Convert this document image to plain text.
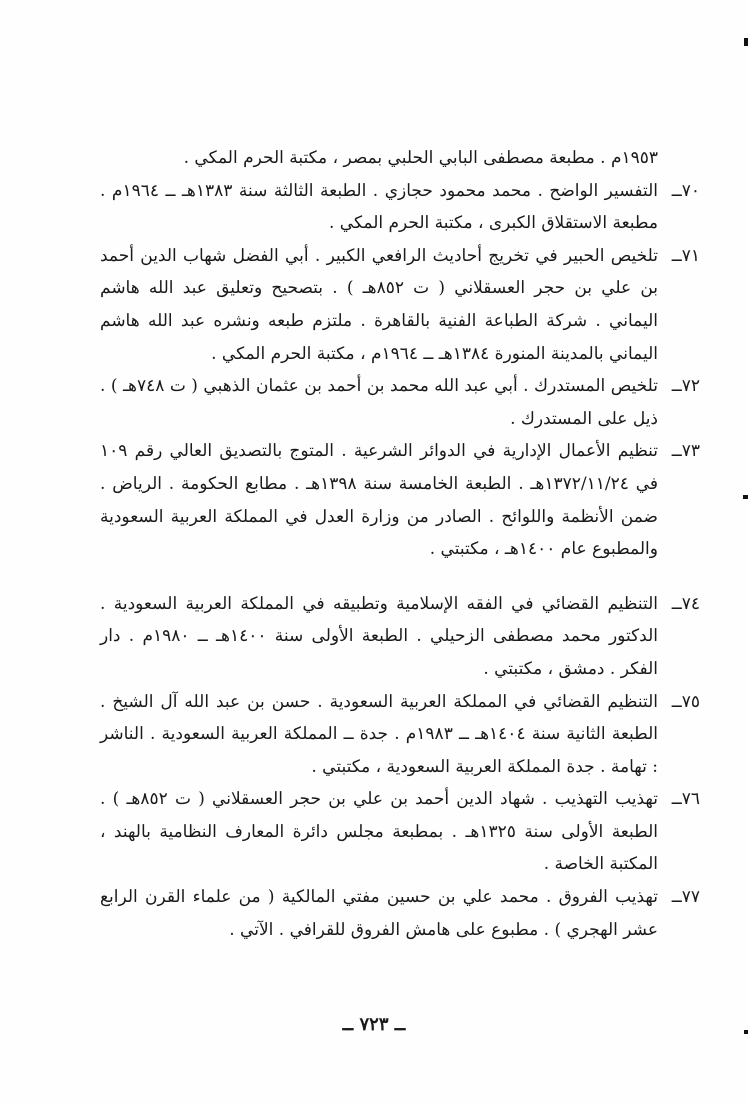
١٩٥٣م . مطبعة مصطفى البابي الحلبي بمصر ، مكتبة الحرم المكي .
٧٠ــ
التفسير الواضح . محمد محمود حجازي . الطبعة الثالثة سنة ١٣٨٣هـ ــ ١٩٦٤م . مطبعة الاستقلاق الكبرى ، مكتبة الحرم المكي .
٧١ــ
تلخيص الحبير في تخريج أحاديث الرافعي الكبير . أبي الفضل شهاب الدين أحمد بن علي بن حجر العسقلاني ( ت ٨٥٢هـ ) . بتصحيح وتعليق عبد الله هاشم اليماني . شركة الطباعة الفنية بالقاهرة . ملتزم طبعه ونشره عبد الله هاشم اليماني بالمدينة المنورة ١٣٨٤هـ ــ ١٩٦٤م ، مكتبة الحرم المكي .
٧٢ــ
تلخيص المستدرك . أبي عبد الله محمد بن أحمد بن عثمان الذهبي ( ت ٧٤٨هـ ) . ذيل على المستدرك .
٧٣ــ
تنظيم الأعمال الإدارية في الدوائر الشرعية . المتوج بالتصديق العالي رقم ١٠٩ في ١٣٧٢/١١/٢٤هـ . الطبعة الخامسة سنة ١٣٩٨هـ . مطابع الحكومة . الرياض . ضمن الأنظمة واللوائح . الصادر من وزارة العدل في المملكة العربية السعودية والمطبوع عام ١٤٠٠هـ ، مكتبتي .
٧٤ــ
التنظيم القضائي في الفقه الإسلامية وتطبيقه في المملكة العربية السعودية . الدكتور محمد مصطفى الزحيلي . الطبعة الأولى سنة ١٤٠٠هـ ــ ١٩٨٠م . دار الفكر . دمشق ، مكتبتي .
٧٥ــ
التنظيم القضائي في المملكة العربية السعودية . حسن بن عبد الله آل الشيخ . الطبعة الثانية سنة ١٤٠٤هـ ــ ١٩٨٣م . جدة ــ المملكة العربية السعودية . الناشر : تهامة . جدة المملكة العربية السعودية ، مكتبتي .
٧٦ــ
تهذيب التهذيب . شهاد الدين أحمد بن علي بن حجر العسقلاني ( ت ٨٥٢هـ ) . الطبعة الأولى سنة ١٣٢٥هـ . بمطبعة مجلس دائرة المعارف النظامية بالهند ، المكتبة الخاصة .
٧٧ــ
تهذيب الفروق . محمد علي بن حسين مفتي المالكية ( من علماء القرن الرابع عشر الهجري ) . مطبوع على هامش الفروق للقرافي . الآتي .
ــ ٧٢٣ ــ
